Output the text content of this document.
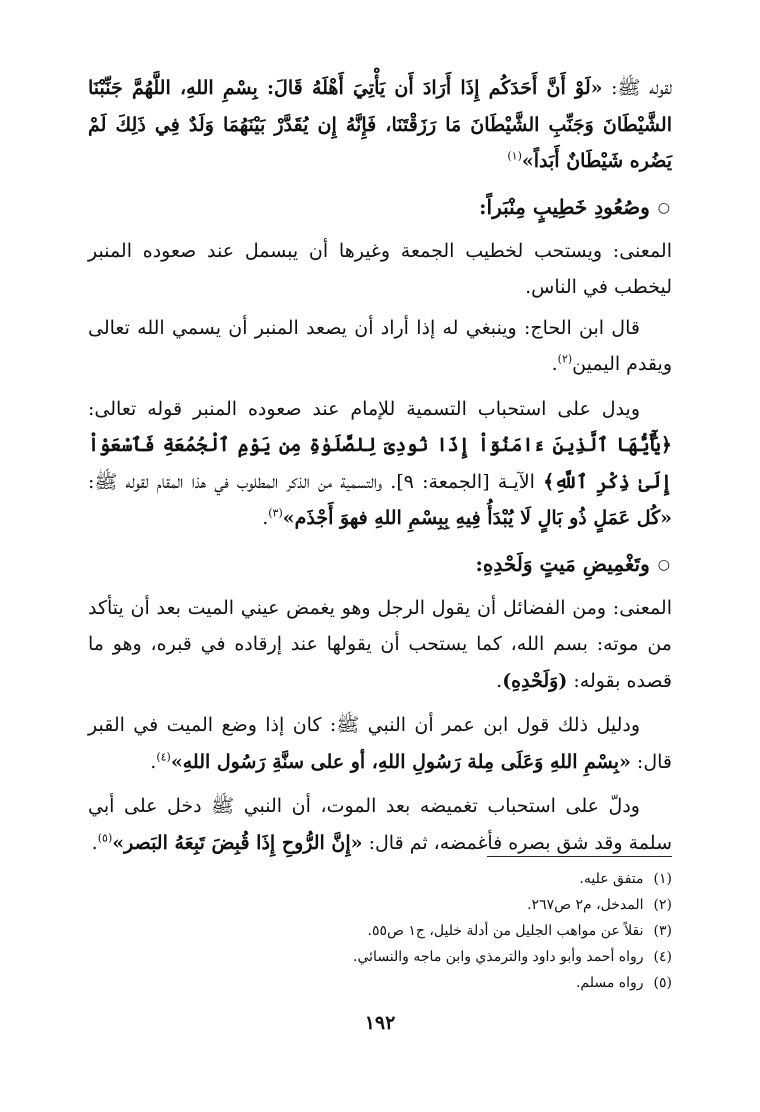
لقوله ﷺ: «لَوْ أَنَّ أَحَدَكُم إِذَا أَرَادَ أَن يَأْتِيَ أَهْلَهُ قَالَ: بِسْمِ اللهِ، اللَّهُمَّ جَنِّبْنَا الشَّيْطَانَ وَجَنِّبِ الشَّيْطَانَ مَا رَزَقْتَنَا، فَإِنَّهُ إِن يُقَدَّرْ بَيْنَهُمَا وَلَدٌ فِي ذَلِكَ لَمْ يَضُره شَيْطَانٌ أَبَداً»$^{(١)}$

○وصُعُودِ خَطِيبٍ مِنْبَراً:

المعنى: ويستحب لخطيب الجمعة وغيرها أن يبسمل عند صعوده المنبر ليخطب في الناس.

قال ابن الحاج: وينبغي له إذا أراد أن يصعد المنبر أن يسمي الله تعالى ويقدم اليمين$^{(٢)}$.

ويدل على استحباب التسمية للإمام عند صعوده المنبر قوله تعالى: ﴿يَٰٓأَيُّهَا ٱلَّذِينَ ءَامَنُوٓاْ إِذَا نُودِىَ لِلصَّلَوٰةِ مِن يَوْمِ ٱلْجُمُعَةِ فَٱسْعَوْاْ إِلَىٰ ذِكْرِ ٱللَّهِ﴾ الآيـة [الجمعة: ٩]. والتسمية من الذكر المطلوب في هذا المقام لقوله ﷺ: «كُل عَمَلٍ ذُو بَالٍ لَا يُبْدَأُ فِيهِ بِبِسْمِ اللهِ فهوَ أَجْذَم»$^{(٣)}$.

○وتَغْمِيضِ مَيتٍ وَلَحْدِهِ:

المعنى: ومن الفضائل أن يقول الرجل وهو يغمض عيني الميت بعد أن يتأكد من موته: بسم الله، كما يستحب أن يقولها عند إرقاده في قبره، وهو ما قصده بقوله: (وَلَحْدِهِ).

ودليل ذلك قول ابن عمر أن النبي ﷺ: كان إذا وضع الميت في القبر قال: «بِسْمِ اللهِ وَعَلَى مِلة رَسُولِ اللهِ، أو على سنَّةِ رَسُول اللهِ»$^{(٤)}$.

ودلّ على استحباب تغميضه بعد الموت، أن النبي ﷺ دخل على أبي سلمة وقد شق بصره فأغمضه، ثم قال: «إِنَّ الرُّوحِ إِذَا قُبِضَ تَبِعَهُ البَصر»$^{(٥)}$.

(١)متفق عليه.
(٢)المدخل، م٢ ص٢٦٧.
(٣)نقلاً عن مواهب الجليل من أدلة خليل، ج١ ص٥٥.
(٤)رواه أحمد وأبو داود والترمذي وابن ماجه والنسائي.
(٥)رواه مسلم.
١٩٢
